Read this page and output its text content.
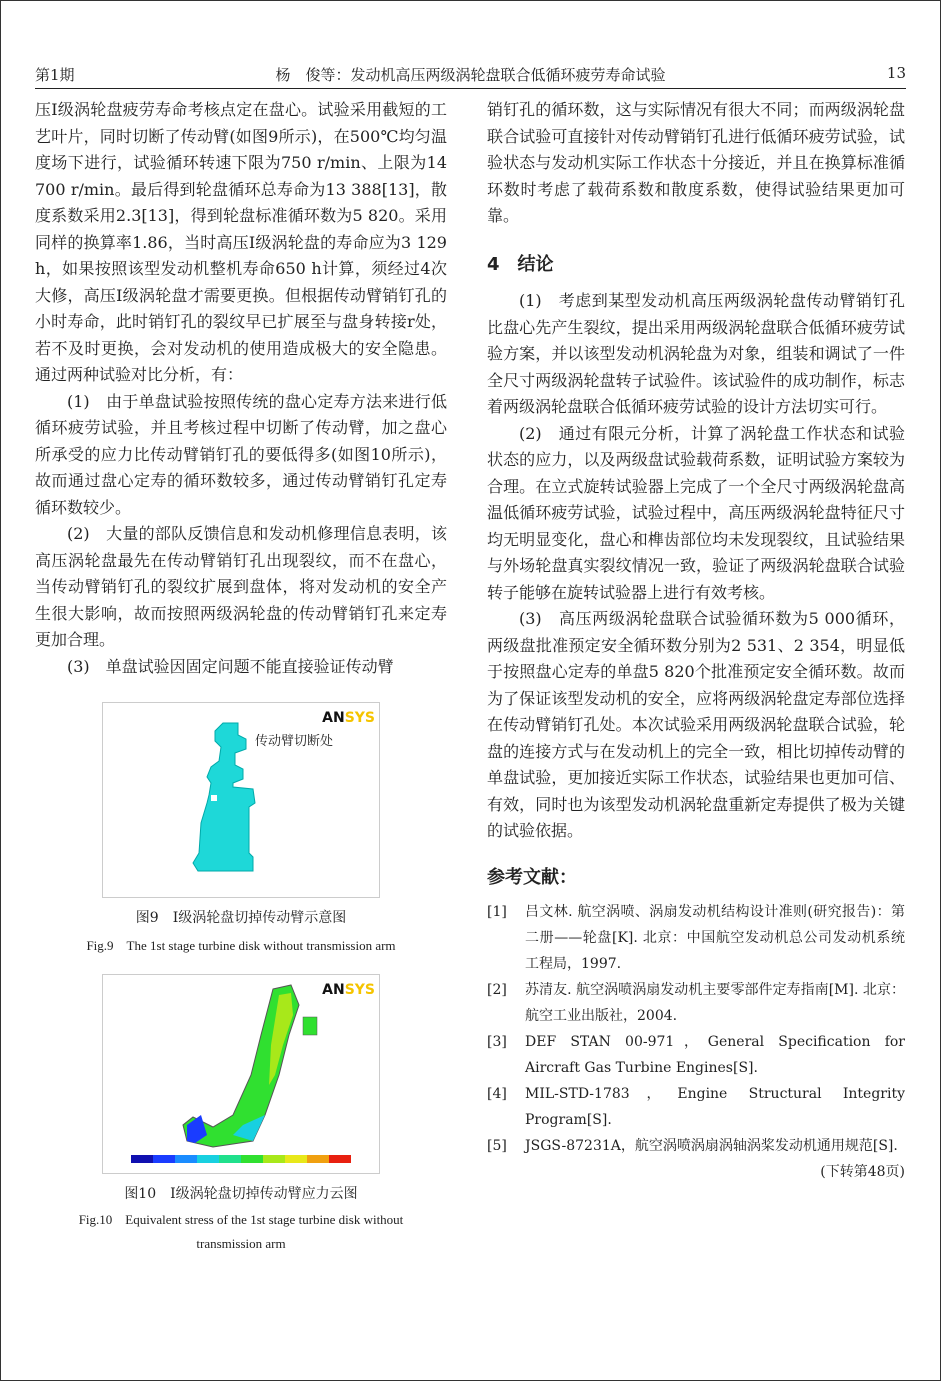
第1期	杨　俊等：发动机高压两级涡轮盘联合低循环疲劳寿命试验	13

压Ⅰ级涡轮盘疲劳寿命考核点定在盘心。试验采用截短的工艺叶片，同时切断了传动臂(如图9所示)，在500℃均匀温度场下进行，试验循环转速下限为750 r/min、上限为14 700 r/min。最后得到轮盘循环总寿命为13 388[13]，散度系数采用2.3[13]，得到轮盘标准循环数为5 820。采用同样的换算率1.86，当时高压Ⅰ级涡轮盘的寿命应为3 129 h，如果按照该型发动机整机寿命650 h计算，须经过4次大修，高压Ⅰ级涡轮盘才需要更换。但根据传动臂销钉孔的小时寿命，此时销钉孔的裂纹早已扩展至与盘身转接r处，若不及时更换，会对发动机的使用造成极大的安全隐患。通过两种试验对比分析，有：

(1)　由于单盘试验按照传统的盘心定寿方法来进行低循环疲劳试验，并且考核过程中切断了传动臂，加之盘心所承受的应力比传动臂销钉孔的要低得多(如图10所示)，故而通过盘心定寿的循环数较多，通过传动臂销钉孔定寿循环数较少。

(2)　大量的部队反馈信息和发动机修理信息表明，该高压涡轮盘最先在传动臂销钉孔出现裂纹，而不在盘心，当传动臂销钉孔的裂纹扩展到盘体，将对发动机的安全产生很大影响，故而按照两级涡轮盘的传动臂销钉孔来定寿更加合理。

(3)　单盘试验因固定问题不能直接验证传动臂

ANSYS
传动臂切断处
图9　Ⅰ级涡轮盘切掉传动臂示意图
Fig.9　The 1st stage turbine disk without transmission arm
ANSYS
图10　Ⅰ级涡轮盘切掉传动臂应力云图
Fig.10　Equivalent stress of the 1st stage turbine disk without
transmission arm

销钉孔的循环数，这与实际情况有很大不同；而两级涡轮盘联合试验可直接针对传动臂销钉孔进行低循环疲劳试验，试验状态与发动机实际工作状态十分接近，并且在换算标准循环数时考虑了载荷系数和散度系数，使得试验结果更加可靠。

4　结论

(1)　考虑到某型发动机高压两级涡轮盘传动臂销钉孔比盘心先产生裂纹，提出采用两级涡轮盘联合低循环疲劳试验方案，并以该型发动机涡轮盘为对象，组装和调试了一件全尺寸两级涡轮盘转子试验件。该试验件的成功制作，标志着两级涡轮盘联合低循环疲劳试验的设计方法切实可行。

(2)　通过有限元分析，计算了涡轮盘工作状态和试验状态的应力，以及两级盘试验载荷系数，证明试验方案较为合理。在立式旋转试验器上完成了一个全尺寸两级涡轮盘高温低循环疲劳试验，试验过程中，高压两级涡轮盘特征尺寸均无明显变化，盘心和榫齿部位均未发现裂纹，且试验结果与外场轮盘真实裂纹情况一致，验证了两级涡轮盘联合试验转子能够在旋转试验器上进行有效考核。

(3)　高压两级涡轮盘联合试验循环数为5 000循环，两级盘批准预定安全循环数分别为2 531、2 354，明显低于按照盘心定寿的单盘5 820个批准预定安全循环数。故而为了保证该型发动机的安全，应将两级涡轮盘定寿部位选择在传动臂销钉孔处。本次试验采用两级涡轮盘联合试验，轮盘的连接方式与在发动机上的完全一致，相比切掉传动臂的单盘试验，更加接近实际工作状态，试验结果也更加可信、有效，同时也为该型发动机涡轮盘重新定寿提供了极为关键的试验依据。

参考文献：
[1]	吕文林. 航空涡喷、涡扇发动机结构设计准则(研究报告)：第二册——轮盘[K]. 北京：中国航空发动机总公司发动机系统工程局，1997.
[2]	苏清友. 航空涡喷涡扇发动机主要零部件定寿指南[M]. 北京：航空工业出版社，2004.
[3]	DEF STAN 00-971，General Specification for Aircraft Gas Turbine Engines[S].
[4]	MIL-STD-1783，Engine Structural Integrity Program[S].
[5]	JSGS-87231A，航空涡喷涡扇涡轴涡桨发动机通用规范[S].
(下转第48页)
